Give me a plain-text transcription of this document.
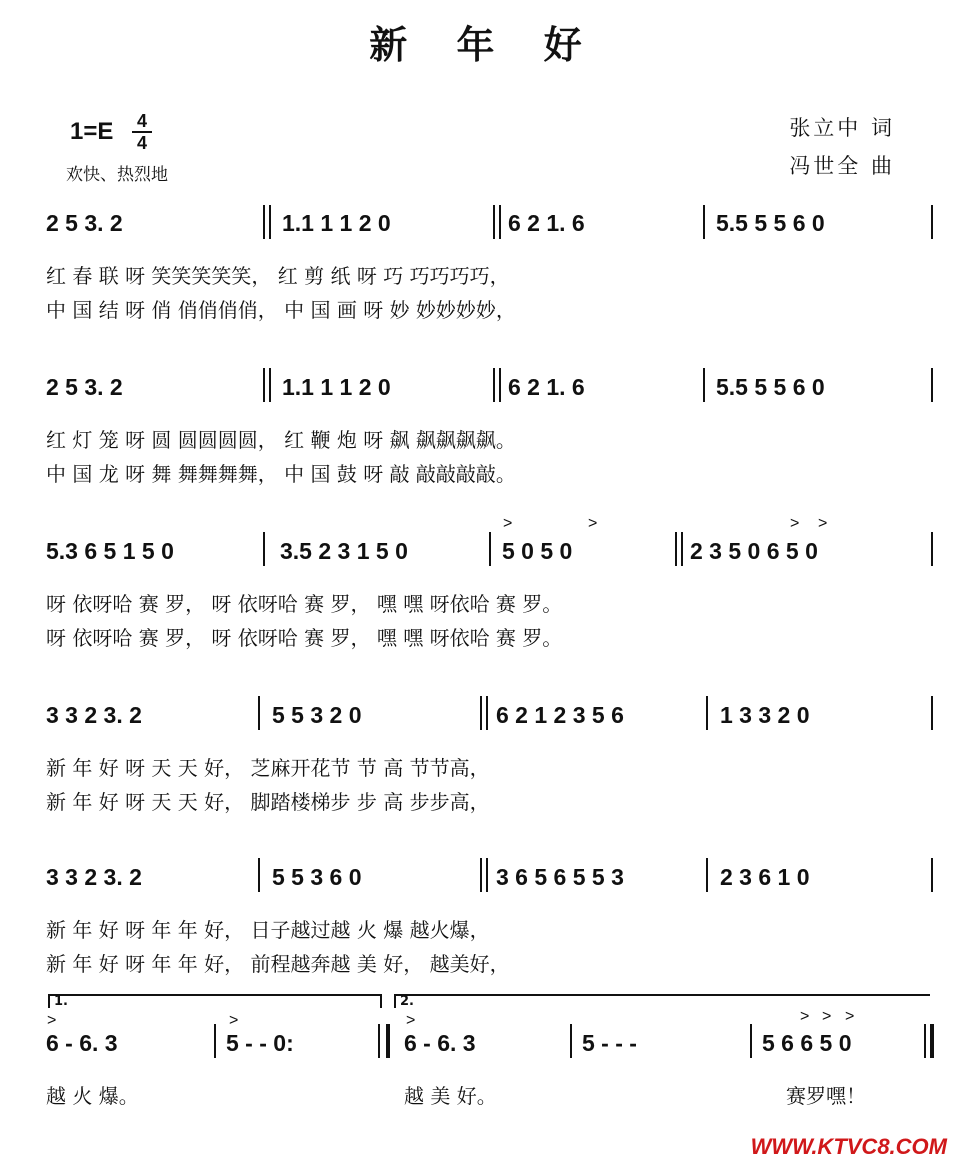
新 年 好
1=E 4
4
欢快、热烈地
张立中 词
冯世全 曲
2 5 3. 2	1.1 1 1 2 0	6 2 1. 6	5.5 5 5 6 0
红 春 联 呀 笑笑笑笑笑， 红 剪 纸 呀 巧 巧巧巧巧，
中 国 结 呀 俏 俏俏俏俏， 中 国 画 呀 妙 妙妙妙妙，
2 5 3. 2	1.1 1 1 2 0	6 2 1. 6	5.5 5 5 6 0
红 灯 笼 呀 圆 圆圆圆圆， 红 鞭 炮 呀 飙 飙飙飙飙。
中 国 龙 呀 舞 舞舞舞舞， 中 国 鼓 呀 敲 敲敲敲敲。
5.3 6 5 1 5 0	3.5 2 3 1 5 0
>	>
5 0 5 0
> >
2 3 5 0 6 5 0
呀 依呀哈 赛 罗， 呀 依呀哈 赛 罗， 嘿 嘿 呀依哈 赛 罗。
呀 依呀哈 赛 罗， 呀 依呀哈 赛 罗， 嘿 嘿 呀依哈 赛 罗。
3 3 2 3. 2	5 5 3 2 0	6 2 1 2 3 5 6	1 3 3 2 0
新 年 好 呀 天 天 好， 芝麻开花节 节 高 节节高，
新 年 好 呀 天 天 好， 脚踏楼梯步 步 高 步步高，
3 3 2 3. 2	5 5 3 6 0	3 6 5 6 5 5 3	2 3 6 1 0
新 年 好 呀 年 年 好， 日子越过越 火 爆 越火爆，
新 年 好 呀 年 年 好， 前程越奔越 美 好， 越美好，
1.	2.
>	>	>	> > >
6 - 6. 3	5 - - 0:	6 - 6. 3	5 - - -	5 6 6 5 0
越 火 爆。	越 美 好。	赛罗嘿！
WWW.KTVC8.COM
